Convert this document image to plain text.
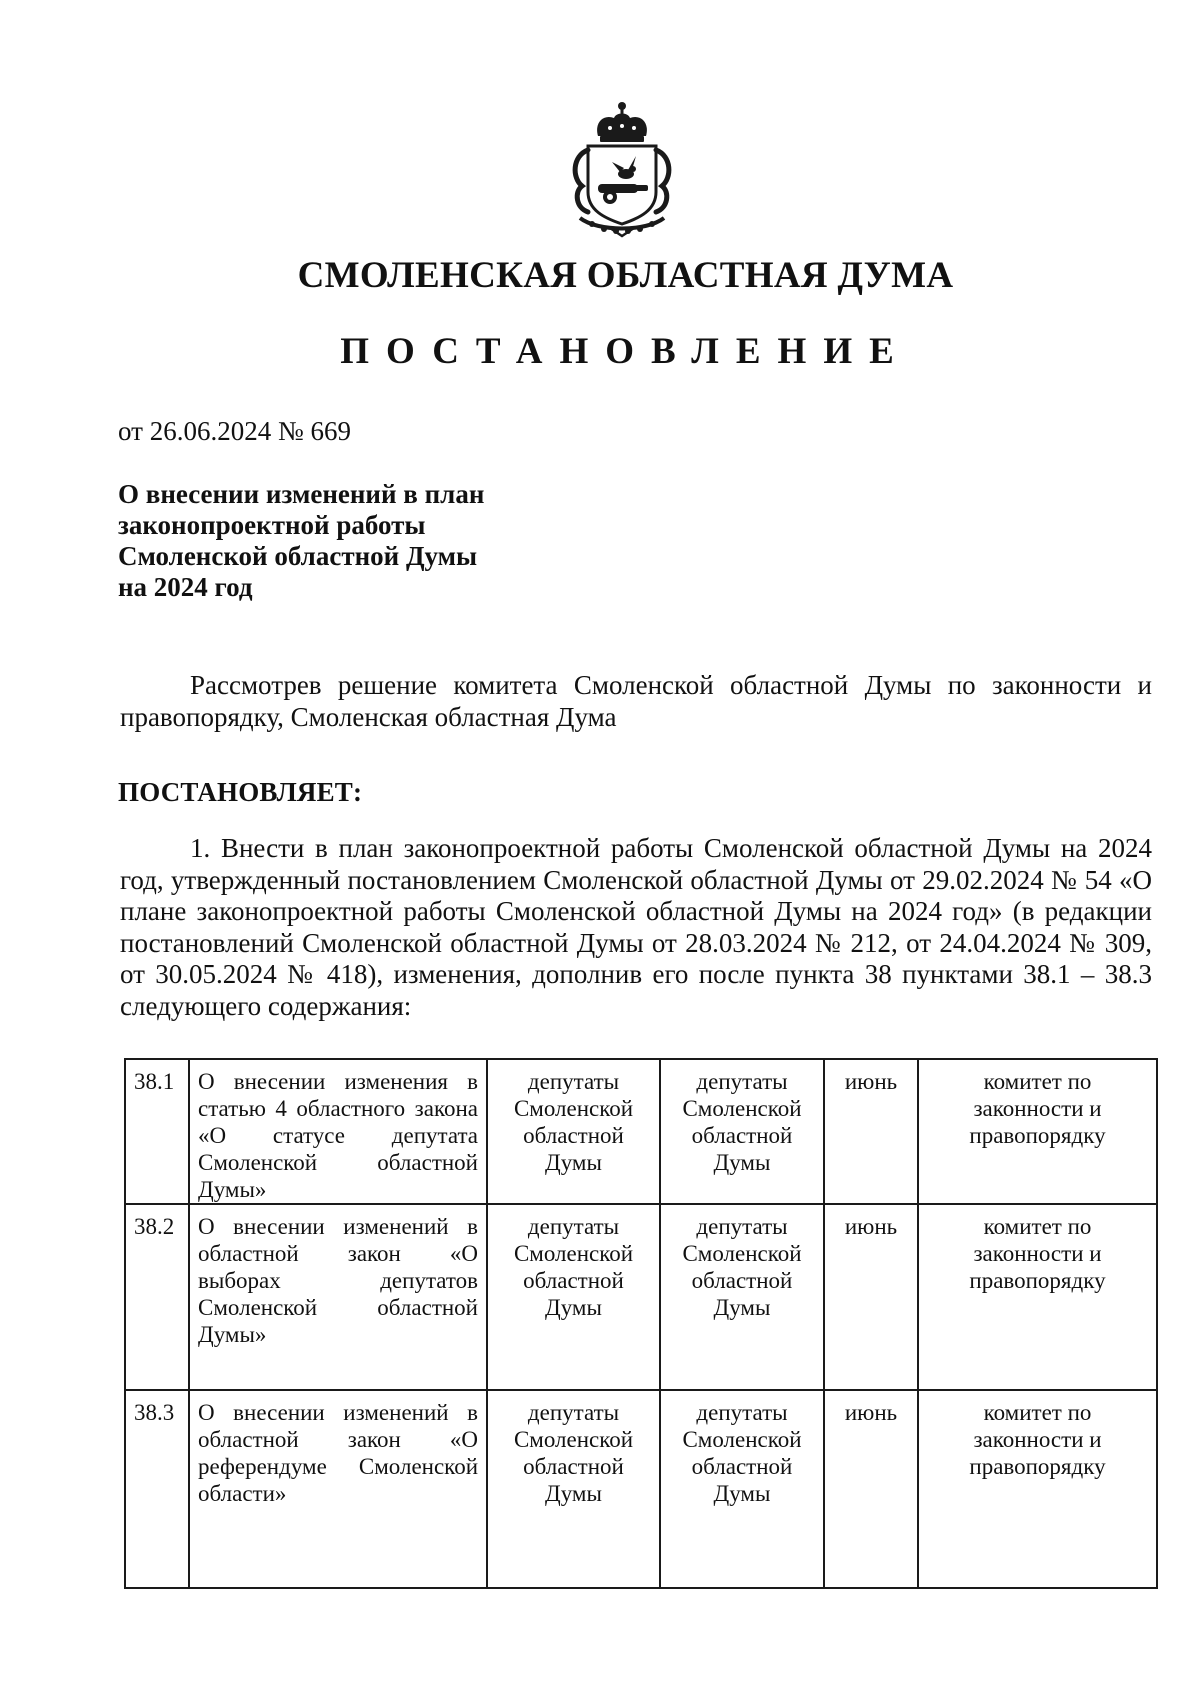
СМОЛЕНСКАЯ ОБЛАСТНАЯ ДУМА
ПОСТАНОВЛЕНИЕ
от 26.06.2024 № 669
О внесении изменений в план
законопроектной работы
Смоленской областной Думы
на 2024 год
Рассмотрев решение комитета Смоленской областной Думы по законности и правопорядку, Смоленская областная Дума
ПОСТАНОВЛЯЕТ:
1. Внести в план законопроектной работы Смоленской областной Думы на 2024 год, утвержденный постановлением Смоленской областной Думы от 29.02.2024 № 54 «О плане законопроектной работы Смоленской областной Думы на 2024 год» (в редакции постановлений Смоленской областной Думы от 28.03.2024 № 212, от 24.04.2024 № 309, от 30.05.2024 № 418), изменения, дополнив его после пункта 38 пунктами 38.1 – 38.3 следующего содержания:
38.1	О внесении изменения в статью 4 областного закона «О статусе депутата Смоленской областной Думы»	депутаты Смоленской областной Думы	депутаты Смоленской областной Думы	июнь	комитет по законности и правопорядку
38.2	О внесении изменений в областной закон «О выборах депутатов Смоленской областной Думы»	депутаты Смоленской областной Думы	депутаты Смоленской областной Думы	июнь	комитет по законности и правопорядку
38.3	О внесении изменений в областной закон «О референдуме Смоленской области»	депутаты Смоленской областной Думы	депутаты Смоленской областной Думы	июнь	комитет по законности и правопорядку
